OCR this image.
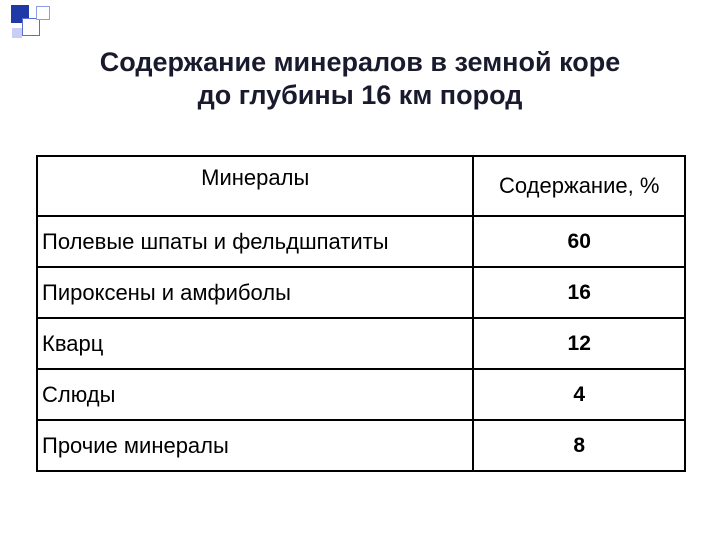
Содержание минералов в земной коре
до глубины 16 км пород
Минералы	Содержание, %
Полевые шпаты и фельдшпатиты	60
Пироксены и амфиболы	16
Кварц	12
Слюды	4
Прочие минералы	8
